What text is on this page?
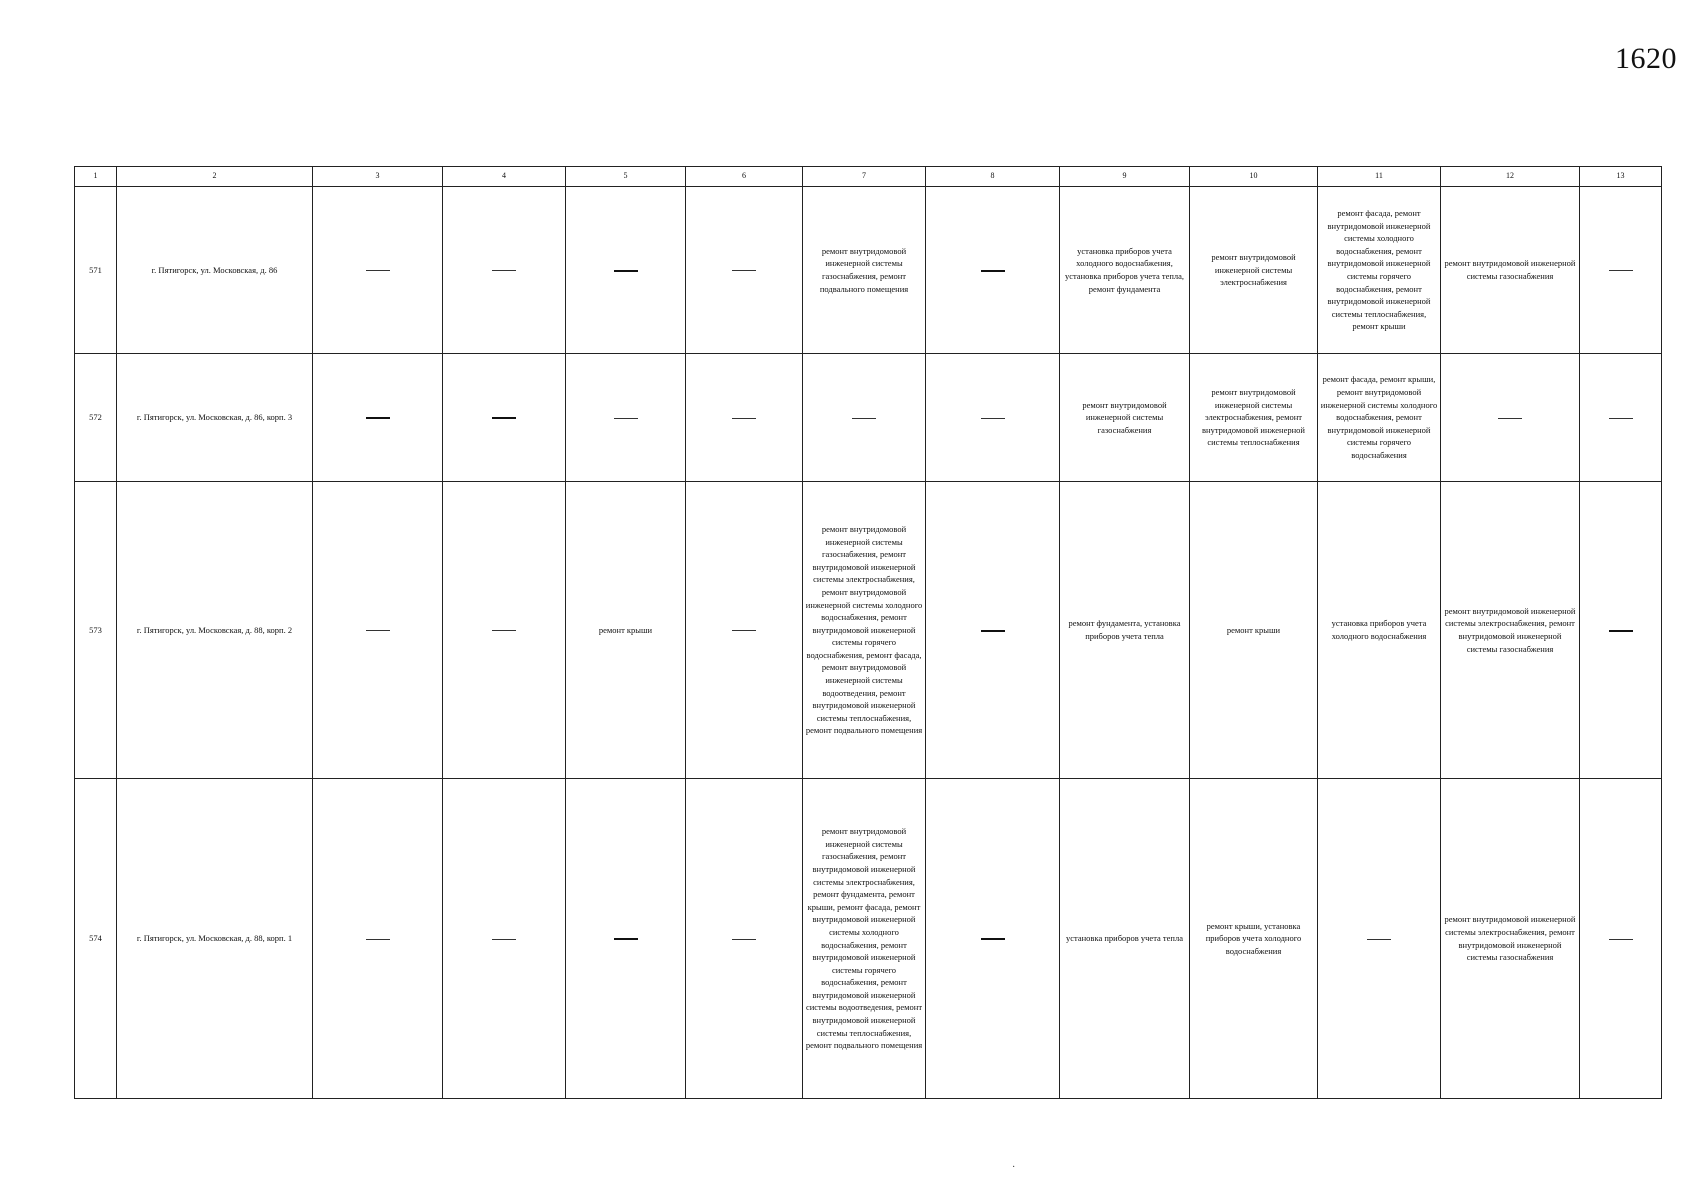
1620
1	2	3	4	5	6	7	8	9	10	11	12	13
571	г. Пятигорск, ул. Московская, д. 86					ремонт внутридомовой инженерной системы газоснабжения, ремонт подвального помещения		установка приборов учета холодного водоснабжения, установка приборов учета тепла, ремонт фундамента	ремонт внутридомовой инженерной системы электроснабжения	ремонт фасада, ремонт внутридомовой инженерной системы холодного водоснабжения, ремонт внутридомовой инженерной системы горячего водоснабжения, ремонт внутридомовой инженерной системы теплоснабжения, ремонт крыши	ремонт внутридомовой инженерной системы газоснабжения	
572	г. Пятигорск, ул. Московская, д. 86, корп. 3							ремонт внутридомовой инженерной системы газоснабжения	ремонт внутридомовой инженерной системы электроснабжения, ремонт внутридомовой инженерной системы теплоснабжения	ремонт фасада, ремонт крыши, ремонт внутридомовой инженерной системы холодного водоснабжения, ремонт внутридомовой инженерной системы горячего водоснабжения		
573	г. Пятигорск, ул. Московская, д. 88, корп. 2			ремонт крыши		ремонт внутридомовой инженерной системы газоснабжения, ремонт внутридомовой инженерной системы электроснабжения, ремонт внутридомовой инженерной системы холодного водоснабжения, ремонт внутридомовой инженерной системы горячего водоснабжения, ремонт фасада, ремонт внутридомовой инженерной системы водоотведения, ремонт внутридомовой инженерной системы теплоснабжения, ремонт подвального помещения		ремонт фундамента, установка приборов учета тепла	ремонт крыши	установка приборов учета холодного водоснабжения	ремонт внутридомовой инженерной системы электроснабжения, ремонт внутридомовой инженерной системы газоснабжения	
574	г. Пятигорск, ул. Московская, д. 88, корп. 1					ремонт внутридомовой инженерной системы газоснабжения, ремонт внутридомовой инженерной системы электроснабжения, ремонт фундамента, ремонт крыши, ремонт фасада, ремонт внутридомовой инженерной системы холодного водоснабжения, ремонт внутридомовой инженерной системы горячего водоснабжения, ремонт внутридомовой инженерной системы водоотведения, ремонт внутридомовой инженерной системы теплоснабжения, ремонт подвального помещения		установка приборов учета тепла	ремонт крыши, установка приборов учета холодного водоснабжения		ремонт внутридомовой инженерной системы электроснабжения, ремонт внутридомовой инженерной системы газоснабжения	
·
